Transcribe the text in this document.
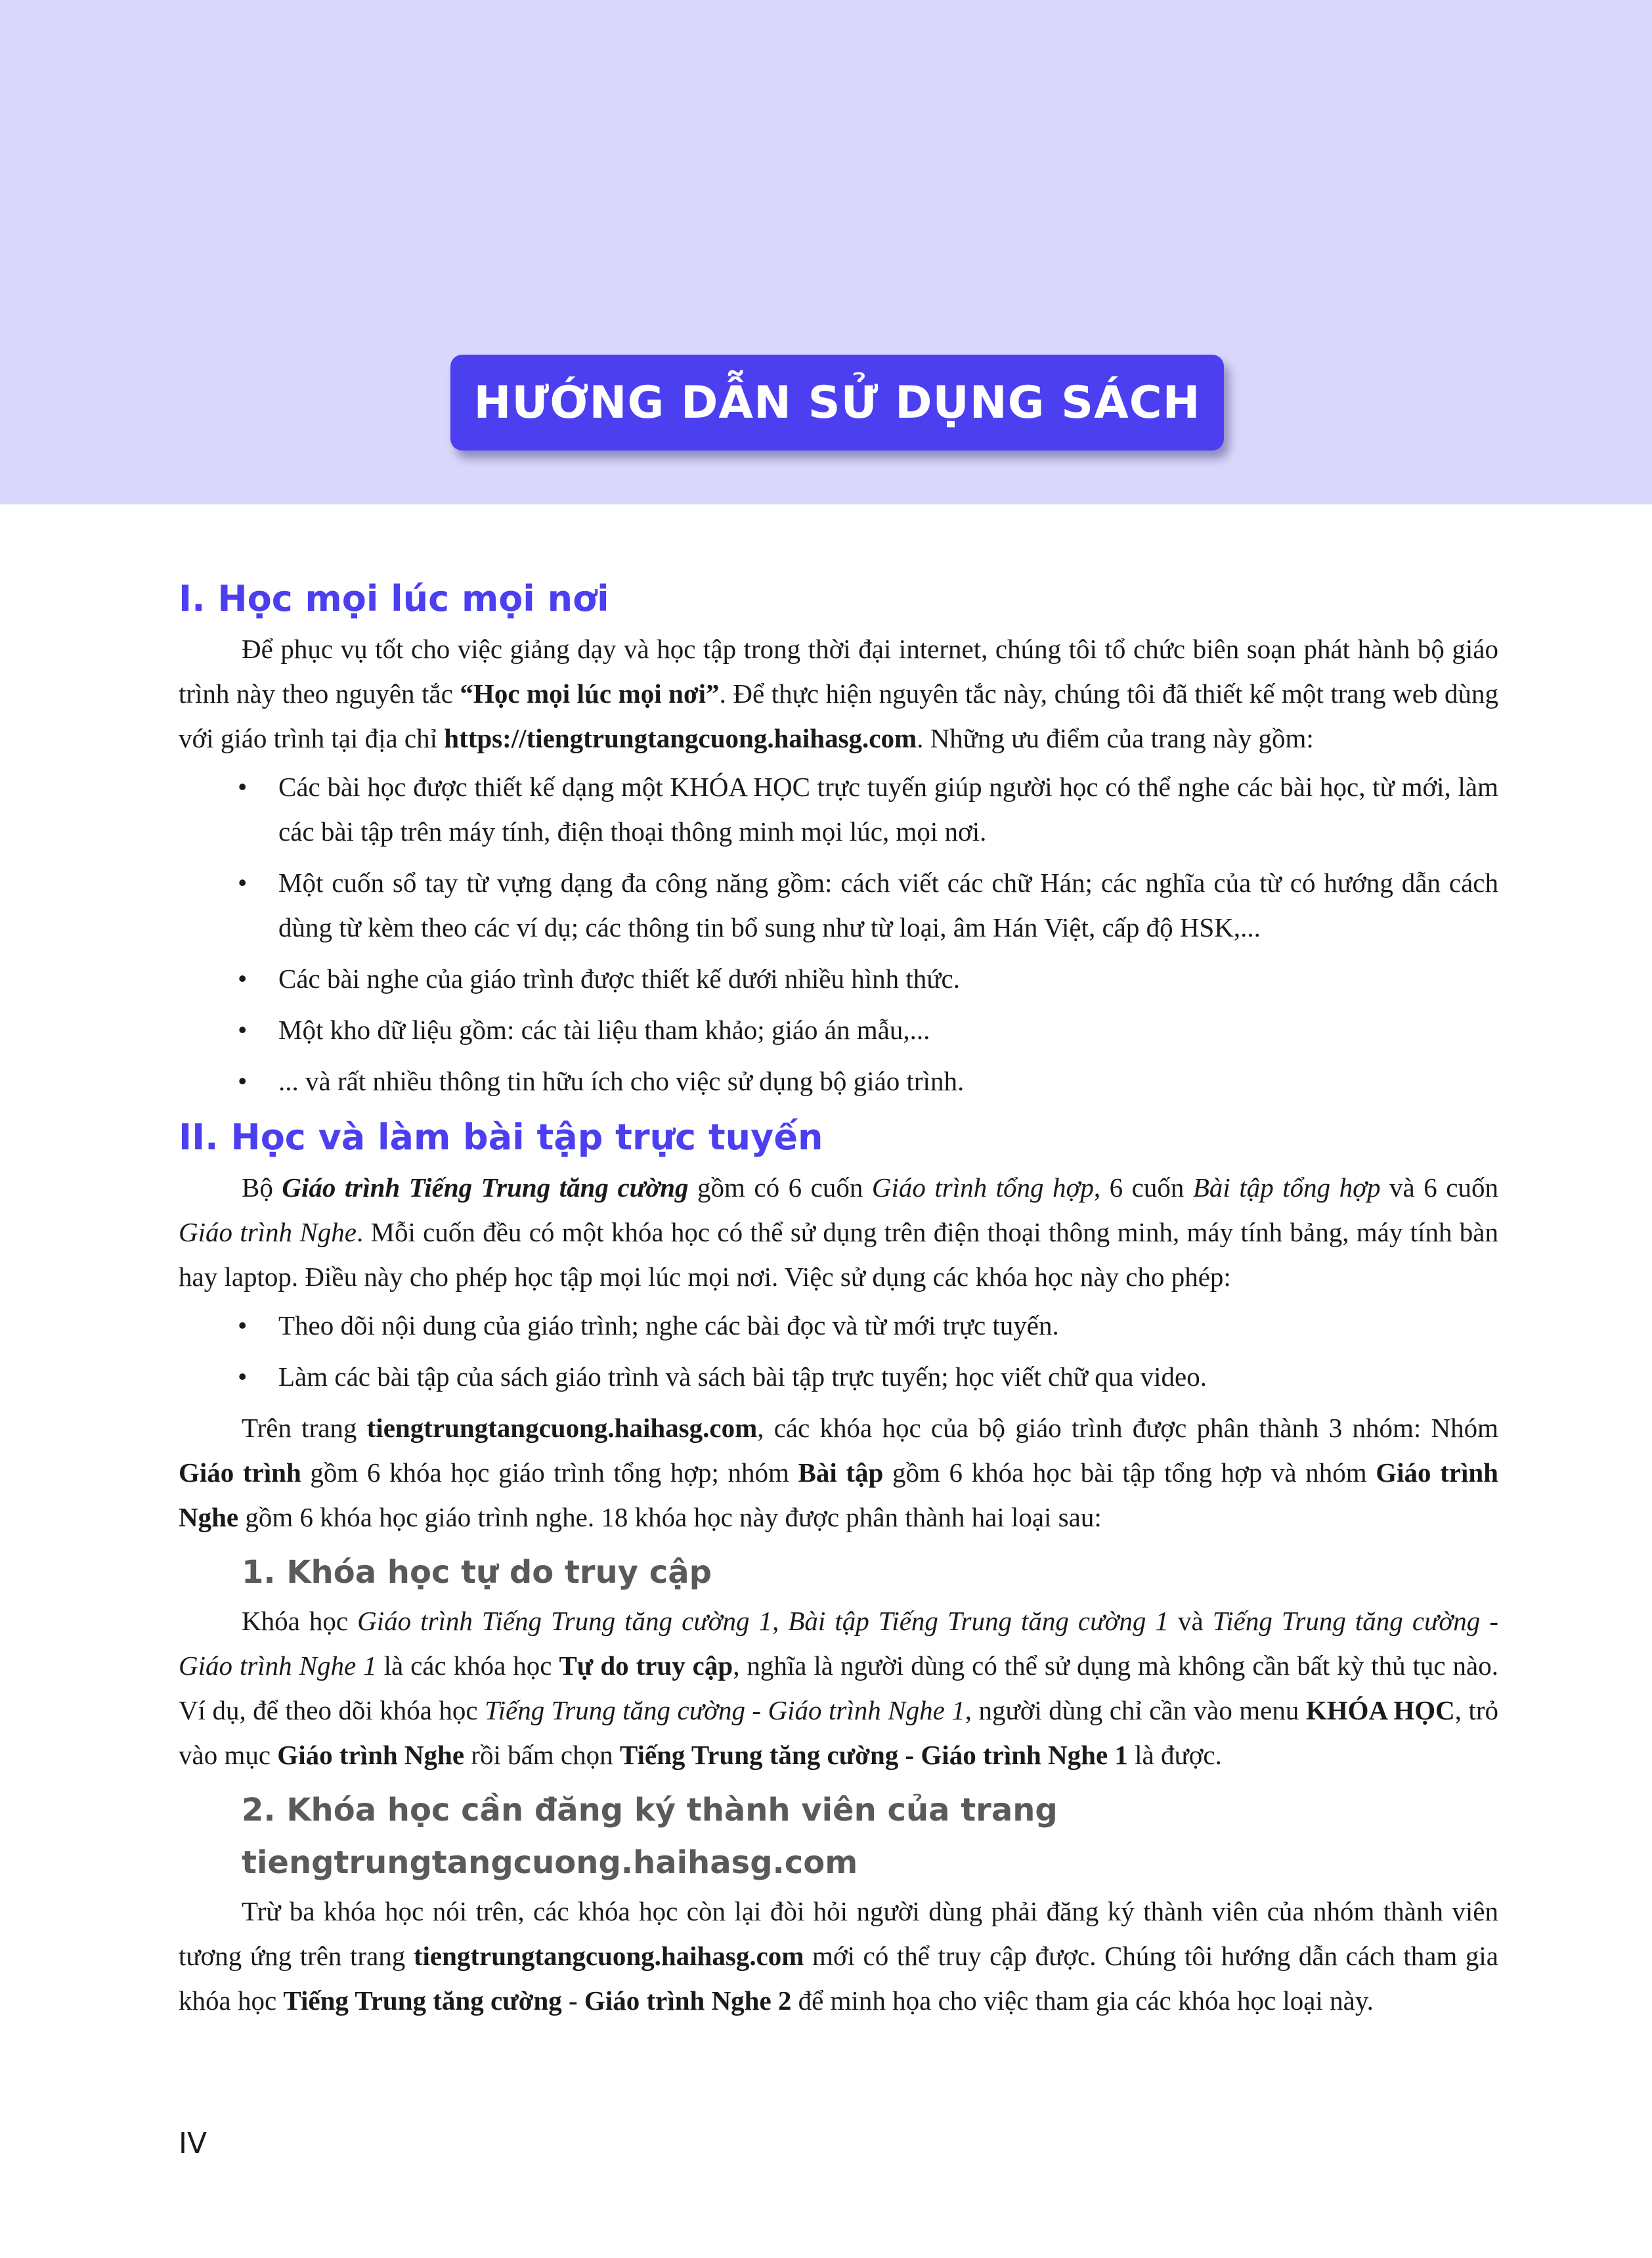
HƯỚNG DẪN SỬ DỤNG SÁCH
I. Học mọi lúc mọi nơi

Để phục vụ tốt cho việc giảng dạy và học tập trong thời đại internet, chúng tôi tổ chức biên soạn phát hành bộ giáo trình này theo nguyên tắc “Học mọi lúc mọi nơi”. Để thực hiện nguyên tắc này, chúng tôi đã thiết kế một trang web dùng với giáo trình tại địa chỉ https://tiengtrungtangcuong.haihasg.com. Những ưu điểm của trang này gồm:

• Các bài học được thiết kế dạng một KHÓA HỌC trực tuyến giúp người học có thể nghe các bài học, từ mới, làm các bài tập trên máy tính, điện thoại thông minh mọi lúc, mọi nơi.
• Một cuốn sổ tay từ vựng dạng đa công năng gồm: cách viết các chữ Hán; các nghĩa của từ có hướng dẫn cách dùng từ kèm theo các ví dụ; các thông tin bổ sung như từ loại, âm Hán Việt, cấp độ HSK,...
• Các bài nghe của giáo trình được thiết kế dưới nhiều hình thức.
• Một kho dữ liệu gồm: các tài liệu tham khảo; giáo án mẫu,...
• ... và rất nhiều thông tin hữu ích cho việc sử dụng bộ giáo trình.
II. Học và làm bài tập trực tuyến

Bộ Giáo trình Tiếng Trung tăng cường gồm có 6 cuốn Giáo trình tổng hợp, 6 cuốn Bài tập tổng hợp và 6 cuốn Giáo trình Nghe. Mỗi cuốn đều có một khóa học có thể sử dụng trên điện thoại thông minh, máy tính bảng, máy tính bàn hay laptop. Điều này cho phép học tập mọi lúc mọi nơi. Việc sử dụng các khóa học này cho phép:

• Theo dõi nội dung của giáo trình; nghe các bài đọc và từ mới trực tuyến.
• Làm các bài tập của sách giáo trình và sách bài tập trực tuyến; học viết chữ qua video.

Trên trang tiengtrungtangcuong.haihasg.com, các khóa học của bộ giáo trình được phân thành 3 nhóm: Nhóm Giáo trình gồm 6 khóa học giáo trình tổng hợp; nhóm Bài tập gồm 6 khóa học bài tập tổng hợp và nhóm Giáo trình Nghe gồm 6 khóa học giáo trình nghe. 18 khóa học này được phân thành hai loại sau:

1. Khóa học tự do truy cập

Khóa học Giáo trình Tiếng Trung tăng cường 1, Bài tập Tiếng Trung tăng cường 1 và Tiếng Trung tăng cường - Giáo trình Nghe 1 là các khóa học Tự do truy cập, nghĩa là người dùng có thể sử dụng mà không cần bất kỳ thủ tục nào. Ví dụ, để theo dõi khóa học Tiếng Trung tăng cường - Giáo trình Nghe 1, người dùng chỉ cần vào menu KHÓA HỌC, trỏ vào mục Giáo trình Nghe rồi bấm chọn Tiếng Trung tăng cường - Giáo trình Nghe 1 là được.

2. Khóa học cần đăng ký thành viên của trang tiengtrungtangcuong.haihasg.com

Trừ ba khóa học nói trên, các khóa học còn lại đòi hỏi người dùng phải đăng ký thành viên của nhóm thành viên tương ứng trên trang tiengtrungtangcuong.haihasg.com mới có thể truy cập được. Chúng tôi hướng dẫn cách tham gia khóa học Tiếng Trung tăng cường - Giáo trình Nghe 2 để minh họa cho việc tham gia các khóa học loại này.

IV
